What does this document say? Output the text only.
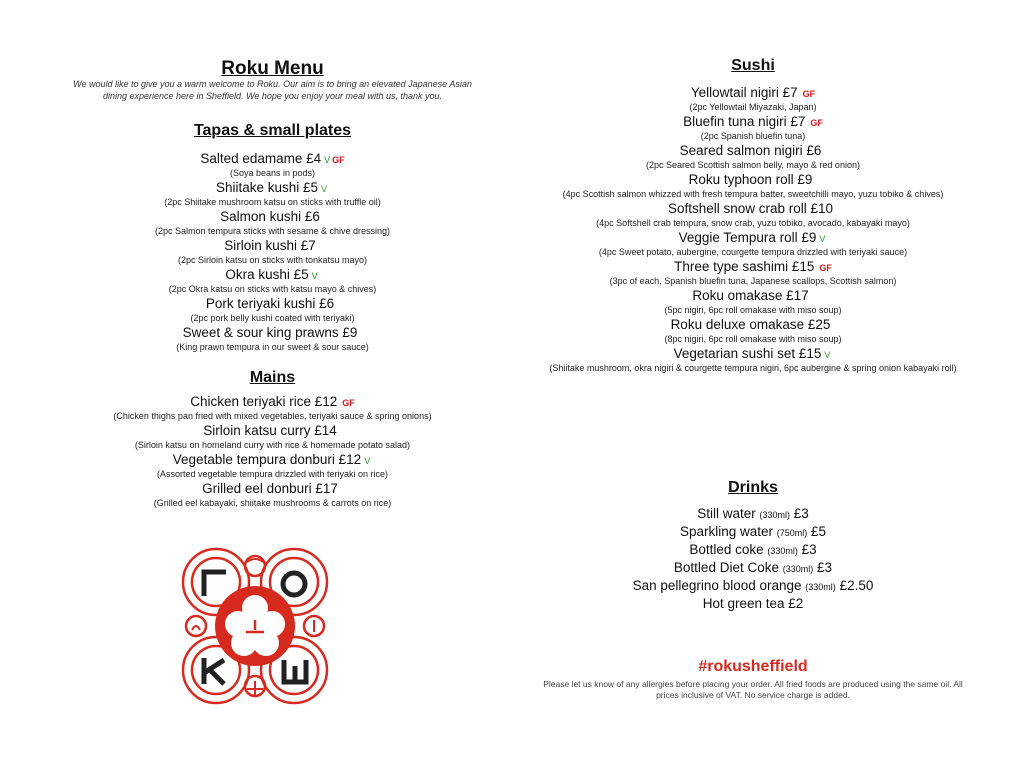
Roku Menu
We would like to give you a warm welcome to Roku. Our aim is to bring an elevated Japanese Asian dining experience here in Sheffield. We hope you enjoy your meal with us, thank you.
Tapas & small plates
Salted edamame £4 V GF
(Soya beans in pods)
Shiitake kushi £5 V
(2pc Shiitake mushroom katsu on sticks with truffle oil)
Salmon kushi £6
(2pc Salmon tempura sticks with sesame & chive dressing)
Sirloin kushi £7
(2pc Sirloin katsu on sticks with tonkatsu mayo)
Okra kushi £5 V
(2pc Okra katsu on sticks with katsu mayo & chives)
Pork teriyaki kushi £6
(2pc pork belly kushi coated with teriyaki)
Sweet & sour king prawns £9
(King prawn tempura in our sweet & sour sauce)
Mains
Chicken teriyaki rice £12 GF
(Chicken thighs pan fried with mixed vegetables, teriyaki sauce & spring onions)
Sirloin katsu curry £14
(Sirloin katsu on homeland curry with rice & homemade potato salad)
Vegetable tempura donburi £12 V
(Assorted vegetable tempura drizzled with teriyaki on rice)
Grilled eel donburi £17
(Grilled eel kabayaki, shiitake mushrooms & carrots on rice)
Sushi
Yellowtail nigiri £7 GF
(2pc Yellowtail Miyazaki, Japan)
Bluefin tuna nigiri £7 GF
(2pc Spanish bluefin tuna)
Seared salmon nigiri £6
(2pc Seared Scottish salmon belly, mayo & red onion)
Roku typhoon roll £9
(4pc Scottish salmon whizzed with fresh tempura batter, sweetchilli mayo, yuzu tobiko & chives)
Softshell snow crab roll £10
(4pc Softshell crab tempura, snow crab, yuzu tobiko, avocado, kabayaki mayo)
Veggie Tempura roll £9 V
(4pc Sweet potato, aubergine, courgette tempura drizzled with teriyaki sauce)
Three type sashimi £15 GF
(3pc of each, Spanish bluefin tuna, Japanese scallops, Scottish salmon)
Roku omakase £17
(5pc nigiri, 6pc roll omakase with miso soup)
Roku deluxe omakase £25
(8pc nigiri, 6pc roll omakase with miso soup)
Vegetarian sushi set £15 V
(Shiitake mushroom, okra nigiri & courgette tempura nigiri, 6pc aubergine & spring onion kabayaki roll)
Drinks
Still water (330ml) £3
Sparkling water (750ml) £5
Bottled coke (330ml) £3
Bottled Diet Coke (330ml) £3
San pellegrino blood orange (330ml) £2.50
Hot green tea £2
#rokusheffield
Please let us know of any allergies before placing your order. All fried foods are produced using the same oil. All prices inclusive of VAT. No service charge is added.
